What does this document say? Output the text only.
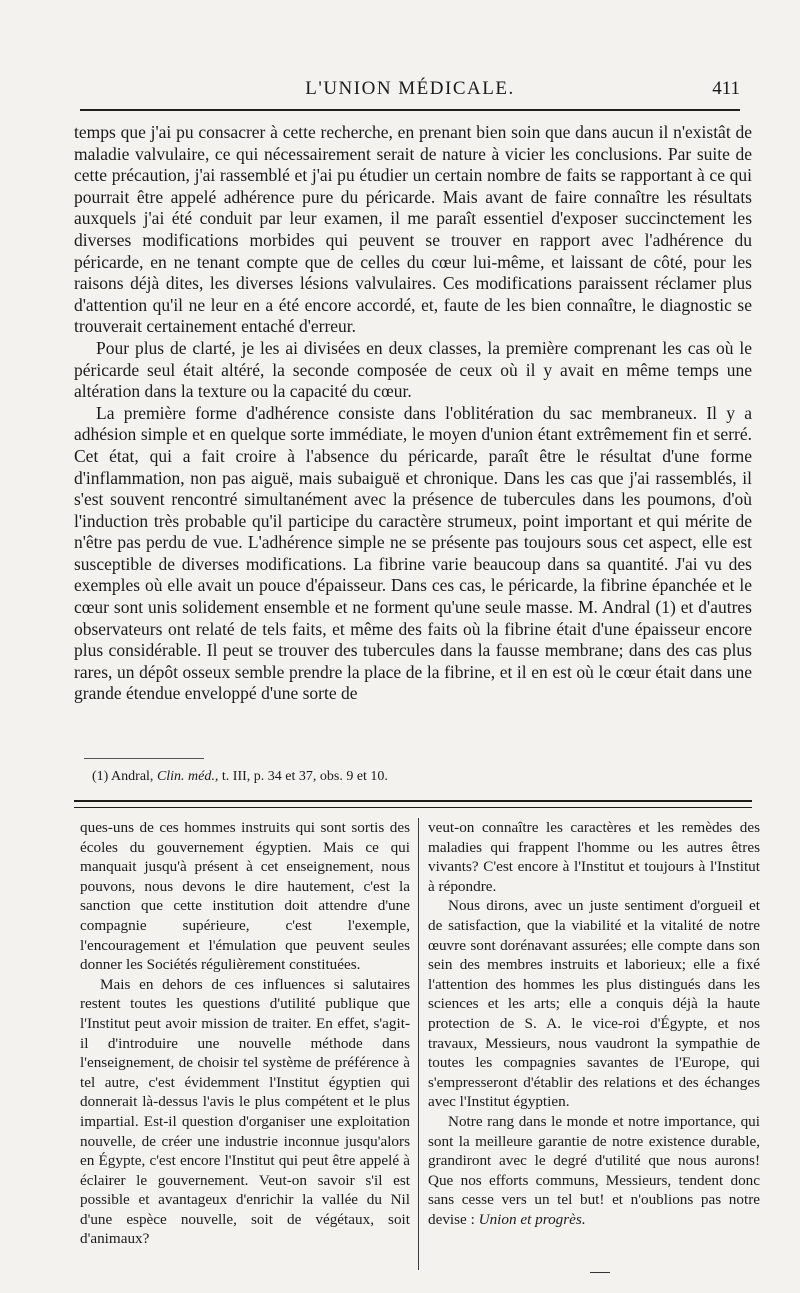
L'UNION MÉDICALE.	411

temps que j'ai pu consacrer à cette recherche, en prenant bien soin que dans aucun il n'existât de maladie valvulaire, ce qui nécessairement serait de nature à vicier les conclusions. Par suite de cette précaution, j'ai rassemblé et j'ai pu étudier un certain nombre de faits se rapportant à ce qui pourrait être appelé adhérence pure du péricarde. Mais avant de faire connaître les résultats auxquels j'ai été conduit par leur examen, il me paraît essentiel d'exposer succinctement les diverses modifications morbides qui peuvent se trouver en rapport avec l'adhérence du péricarde, en ne tenant compte que de celles du cœur lui-même, et laissant de côté, pour les raisons déjà dites, les diverses lésions valvulaires. Ces modifications paraissent réclamer plus d'attention qu'il ne leur en a été encore accordé, et, faute de les bien connaître, le diagnostic se trouverait certainement entaché d'erreur.

Pour plus de clarté, je les ai divisées en deux classes, la première comprenant les cas où le péricarde seul était altéré, la seconde composée de ceux où il y avait en même temps une altération dans la texture ou la capacité du cœur.

La première forme d'adhérence consiste dans l'oblitération du sac membraneux. Il y a adhésion simple et en quelque sorte immédiate, le moyen d'union étant extrêmement fin et serré. Cet état, qui a fait croire à l'absence du péricarde, paraît être le résultat d'une forme d'inflammation, non pas aiguë, mais subaiguë et chronique. Dans les cas que j'ai rassemblés, il s'est souvent rencontré simultanément avec la présence de tubercules dans les poumons, d'où l'induction très probable qu'il participe du caractère strumeux, point important et qui mérite de n'être pas perdu de vue. L'adhérence simple ne se présente pas toujours sous cet aspect, elle est susceptible de diverses modifications. La fibrine varie beaucoup dans sa quantité. J'ai vu des exemples où elle avait un pouce d'épaisseur. Dans ces cas, le péricarde, la fibrine épanchée et le cœur sont unis solidement ensemble et ne forment qu'une seule masse. M. Andral (1) et d'autres observateurs ont relaté de tels faits, et même des faits où la fibrine était d'une épaisseur encore plus considérable. Il peut se trouver des tubercules dans la fausse membrane; dans des cas plus rares, un dépôt osseux semble prendre la place de la fibrine, et il en est où le cœur était dans une grande étendue enveloppé d'une sorte de

(1) Andral, Clin. méd., t. III, p. 34 et 37, obs. 9 et 10.

ques-uns de ces hommes instruits qui sont sortis des écoles du gouvernement égyptien. Mais ce qui manquait jusqu'à présent à cet enseignement, nous pouvons, nous devons le dire hautement, c'est la sanction que cette institution doit attendre d'une compagnie supérieure, c'est l'exemple, l'encouragement et l'émulation que peuvent seules donner les Sociétés régulièrement constituées.

Mais en dehors de ces influences si salutaires restent toutes les questions d'utilité publique que l'Institut peut avoir mission de traiter. En effet, s'agit-il d'introduire une nouvelle méthode dans l'enseignement, de choisir tel système de préférence à tel autre, c'est évidemment l'Institut égyptien qui donnerait là-dessus l'avis le plus compétent et le plus impartial. Est-il question d'organiser une exploitation nouvelle, de créer une industrie inconnue jusqu'alors en Égypte, c'est encore l'Institut qui peut être appelé à éclairer le gouvernement. Veut-on savoir s'il est possible et avantageux d'enrichir la vallée du Nil d'une espèce nouvelle, soit de végétaux, soit d'animaux?

veut-on connaître les caractères et les remèdes des maladies qui frappent l'homme ou les autres êtres vivants? C'est encore à l'Institut et toujours à l'Institut à répondre.

Nous dirons, avec un juste sentiment d'orgueil et de satisfaction, que la viabilité et la vitalité de notre œuvre sont dorénavant assurées; elle compte dans son sein des membres instruits et laborieux; elle a fixé l'attention des hommes les plus distingués dans les sciences et les arts; elle a conquis déjà la haute protection de S. A. le vice-roi d'Égypte, et nos travaux, Messieurs, nous vaudront la sympathie de toutes les compagnies savantes de l'Europe, qui s'empresseront d'établir des relations et des échanges avec l'Institut égyptien.

Notre rang dans le monde et notre importance, qui sont la meilleure garantie de notre existence durable, grandiront avec le degré d'utilité que nous aurons! Que nos efforts communs, Messieurs, tendent donc sans cesse vers un tel but! et n'oublions pas notre devise : Union et progrès.
